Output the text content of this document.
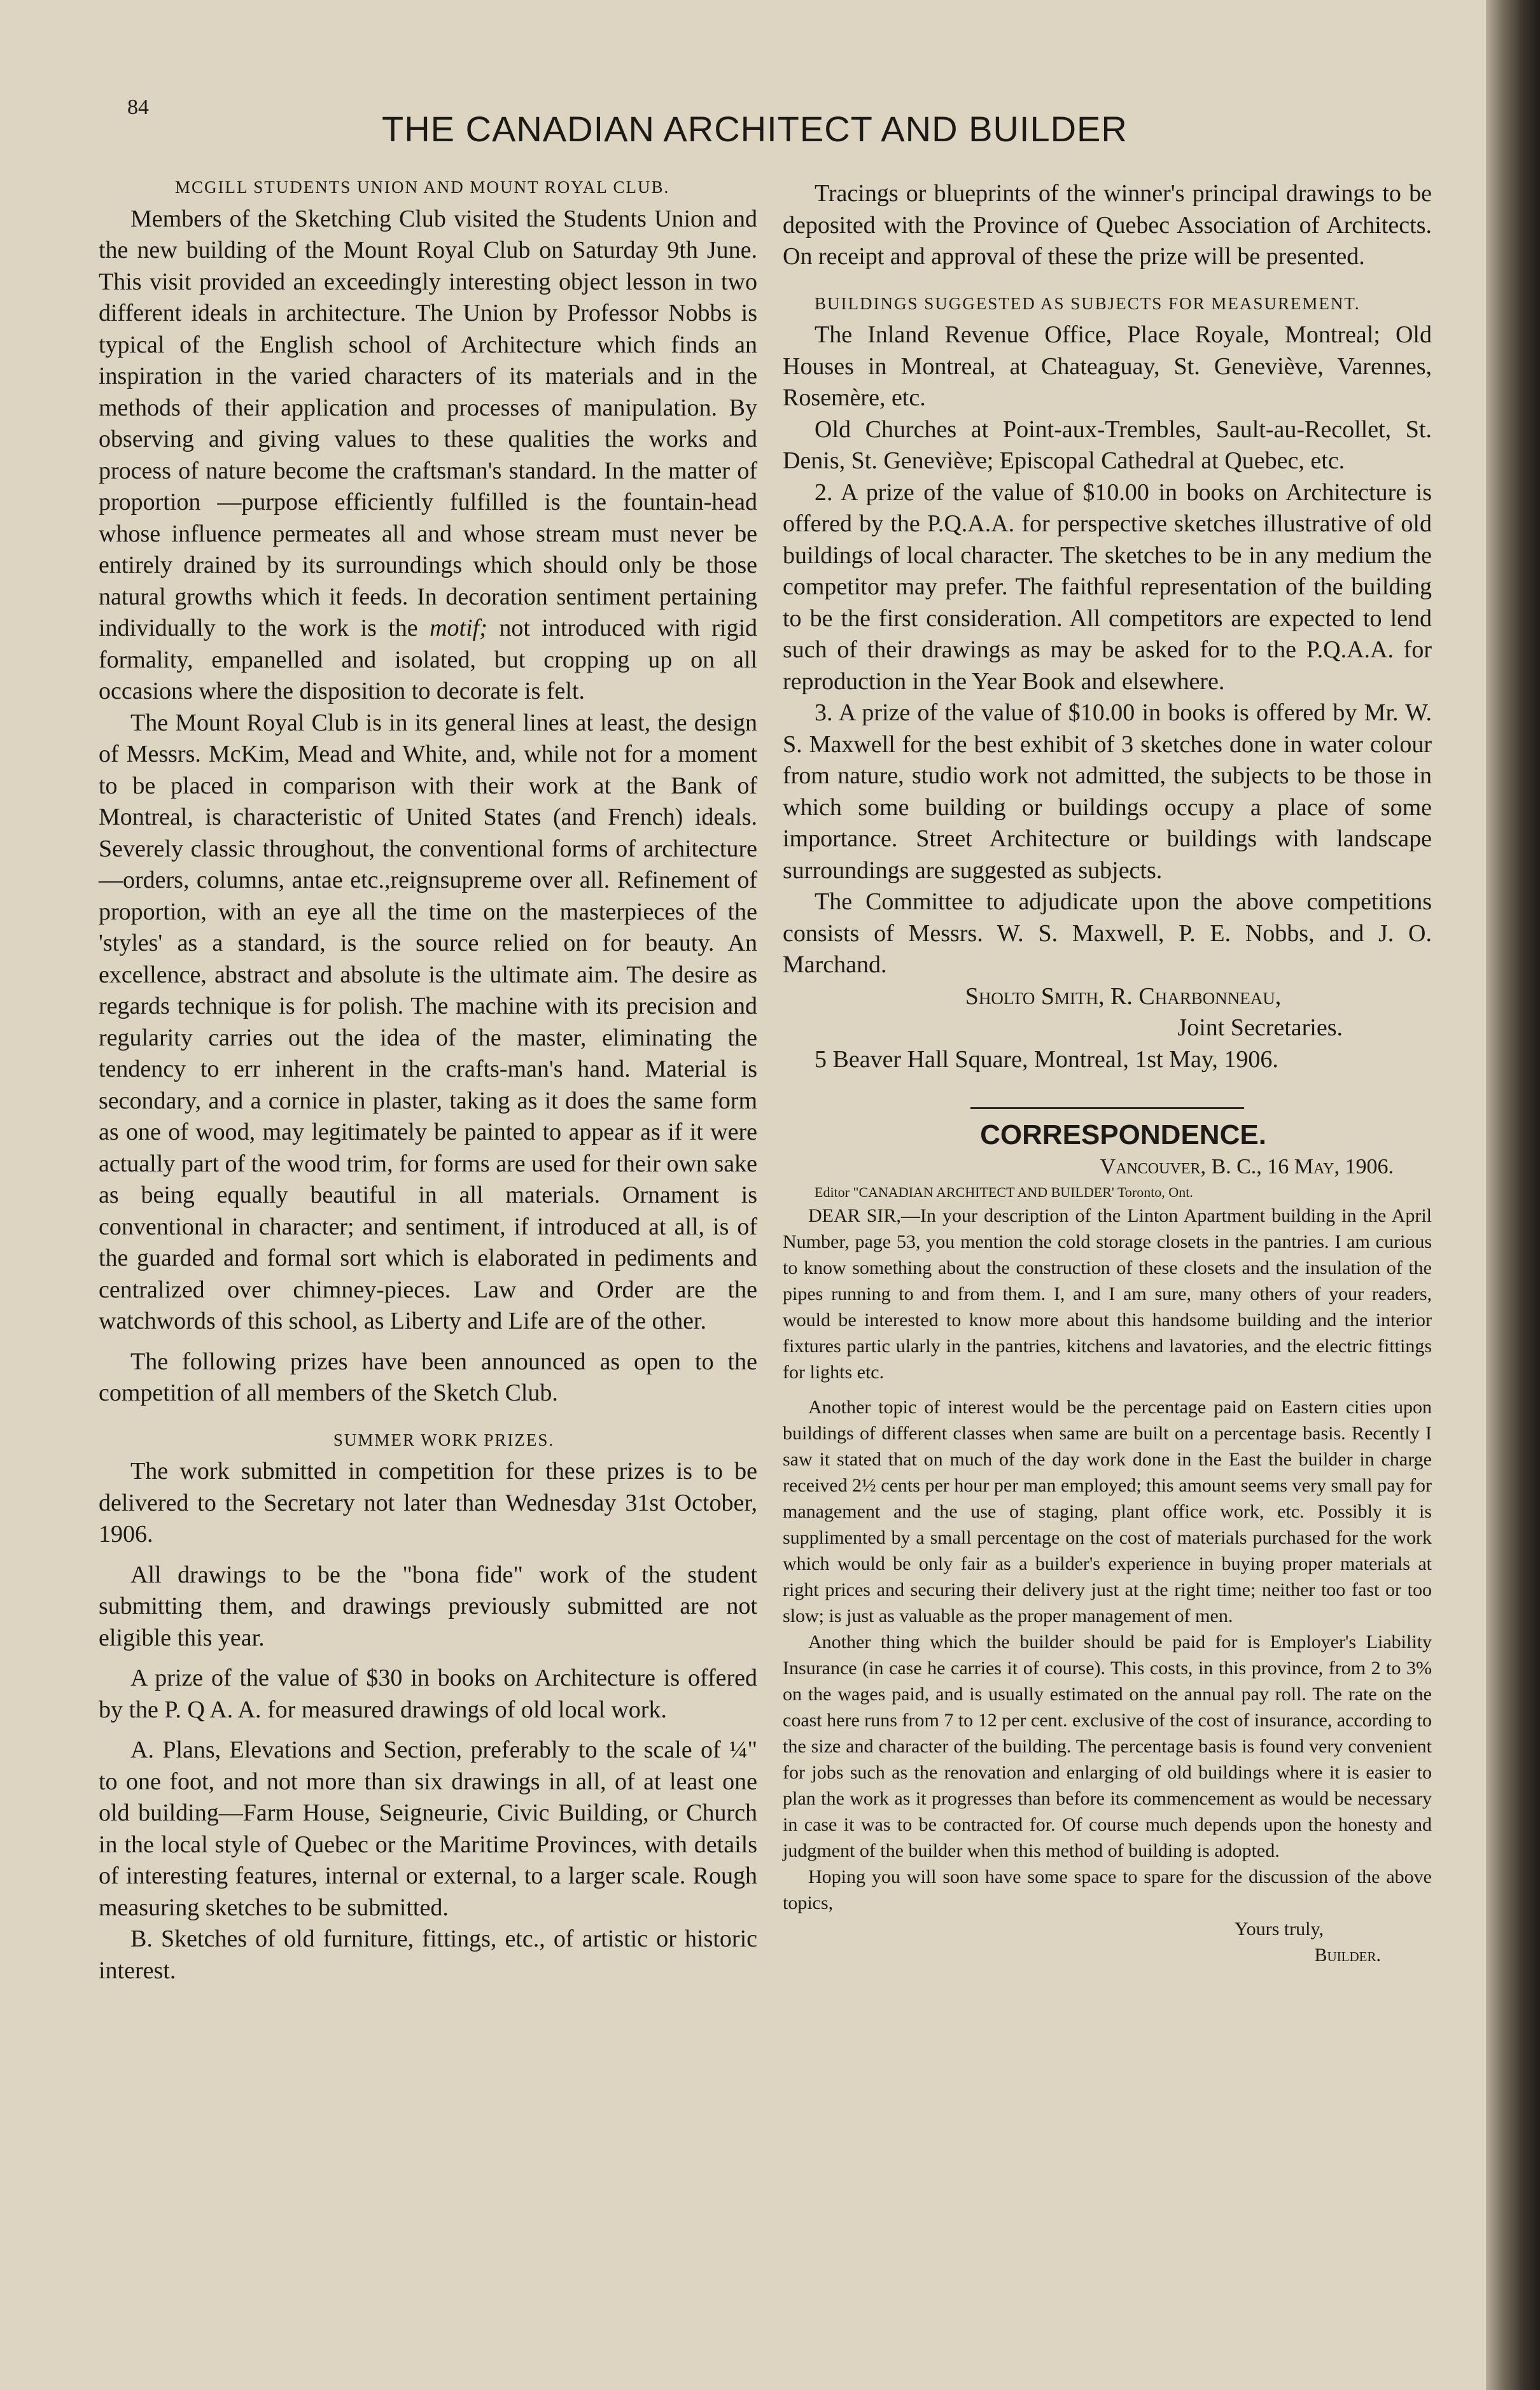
84
THE CANADIAN ARCHITECT AND BUILDER

MCGILL STUDENTS UNION AND MOUNT ROYAL CLUB.

Members of the Sketching Club visited the Students Union and the new building of the Mount Royal Club on Saturday 9th June. This visit provided an exceedingly interesting object lesson in two different ideals in architecture. The Union by Professor Nobbs is typical of the English school of Architecture which finds an inspiration in the varied characters of its materials and in the methods of their application and processes of manipulation. By observing and giving values to these qualities the works and process of nature become the craftsman's standard. In the matter of proportion —purpose efficiently fulfilled is the fountain-head whose influence permeates all and whose stream must never be entirely drained by its surroundings which should only be those natural growths which it feeds. In decoration sentiment pertaining individually to the work is the motif; not introduced with rigid formality, empanelled and isolated, but cropping up on all occasions where the disposition to decorate is felt.

The Mount Royal Club is in its general lines at least, the design of Messrs. McKim, Mead and White, and, while not for a moment to be placed in comparison with their work at the Bank of Montreal, is characteristic of United States (and French) ideals. Severely classic throughout, the conventional forms of architecture—orders, columns, antae etc.,reignsupreme over all. Refinement of proportion, with an eye all the time on the masterpieces of the 'styles' as a standard, is the source relied on for beauty. An excellence, abstract and absolute is the ultimate aim. The desire as regards technique is for polish. The machine with its precision and regularity carries out the idea of the master, eliminating the tendency to err inherent in the crafts-man's hand. Material is secondary, and a cornice in plaster, taking as it does the same form as one of wood, may legitimately be painted to appear as if it were actually part of the wood trim, for forms are used for their own sake as being equally beautiful in all materials. Ornament is conventional in character; and sentiment, if introduced at all, is of the guarded and formal sort which is elaborated in pediments and centralized over chimney-pieces. Law and Order are the watchwords of this school, as Liberty and Life are of the other.

The following prizes have been announced as open to the competition of all members of the Sketch Club.

SUMMER WORK PRIZES.

The work submitted in competition for these prizes is to be delivered to the Secretary not later than Wednesday 31st October, 1906.

All drawings to be the "bona fide" work of the student submitting them, and drawings previously submitted are not eligible this year.

A prize of the value of $30 in books on Architecture is offered by the P. Q A. A. for measured drawings of old local work.

A. Plans, Elevations and Section, preferably to the scale of ¼" to one foot, and not more than six drawings in all, of at least one old building—Farm House, Seigneurie, Civic Building, or Church in the local style of Quebec or the Maritime Provinces, with details of interesting features, internal or external, to a larger scale. Rough measuring sketches to be submitted.

B. Sketches of old furniture, fittings, etc., of artistic or historic interest.

Tracings or blueprints of the winner's principal drawings to be deposited with the Province of Quebec Association of Architects. On receipt and approval of these the prize will be presented.

BUILDINGS SUGGESTED AS SUBJECTS FOR MEASUREMENT.

The Inland Revenue Office, Place Royale, Montreal; Old Houses in Montreal, at Chateaguay, St. Geneviève, Varennes, Rosemère, etc.

Old Churches at Point-aux-Trembles, Sault-au-Recollet, St. Denis, St. Geneviève; Episcopal Cathedral at Quebec, etc.

2. A prize of the value of $10.00 in books on Architecture is offered by the P.Q.A.A. for perspective sketches illustrative of old buildings of local character. The sketches to be in any medium the competitor may prefer. The faithful representation of the building to be the first consideration. All competitors are expected to lend such of their drawings as may be asked for to the P.Q.A.A. for reproduction in the Year Book and elsewhere.

3. A prize of the value of $10.00 in books is offered by Mr. W. S. Maxwell for the best exhibit of 3 sketches done in water colour from nature, studio work not admitted, the subjects to be those in which some building or buildings occupy a place of some importance. Street Architecture or buildings with landscape surroundings are suggested as subjects.

The Committee to adjudicate upon the above competitions consists of Messrs. W. S. Maxwell, P. E. Nobbs, and J. O. Marchand.

Sholto Smith, R. Charbonneau,

Joint Secretaries.

5 Beaver Hall Square, Montreal, 1st May, 1906.

CORRESPONDENCE.

Vancouver, B. C., 16 May, 1906.

Editor "CANADIAN ARCHITECT AND BUILDER' Toronto, Ont.

DEAR SIR,—In your description of the Linton Apartment building in the April Number, page 53, you mention the cold storage closets in the pantries. I am curious to know something about the construction of these closets and the insulation of the pipes running to and from them. I, and I am sure, many others of your readers, would be interested to know more about this handsome building and the interior fixtures partic ularly in the pantries, kitchens and lavatories, and the electric fittings for lights etc.

Another topic of interest would be the percentage paid on Eastern cities upon buildings of different classes when same are built on a percentage basis. Recently I saw it stated that on much of the day work done in the East the builder in charge received 2½ cents per hour per man employed; this amount seems very small pay for management and the use of staging, plant office work, etc. Possibly it is supplimented by a small percentage on the cost of materials purchased for the work which would be only fair as a builder's experience in buying proper materials at right prices and securing their delivery just at the right time; neither too fast or too slow; is just as valuable as the proper management of men.

Another thing which the builder should be paid for is Employer's Liability Insurance (in case he carries it of course). This costs, in this province, from 2 to 3% on the wages paid, and is usually estimated on the annual pay roll. The rate on the coast here runs from 7 to 12 per cent. exclusive of the cost of insurance, according to the size and character of the building. The percentage basis is found very convenient for jobs such as the renovation and enlarging of old buildings where it is easier to plan the work as it progresses than before its commencement as would be necessary in case it was to be contracted for. Of course much depends upon the honesty and judgment of the builder when this method of building is adopted.

Hoping you will soon have some space to spare for the discussion of the above topics,

Yours truly,

Builder.
